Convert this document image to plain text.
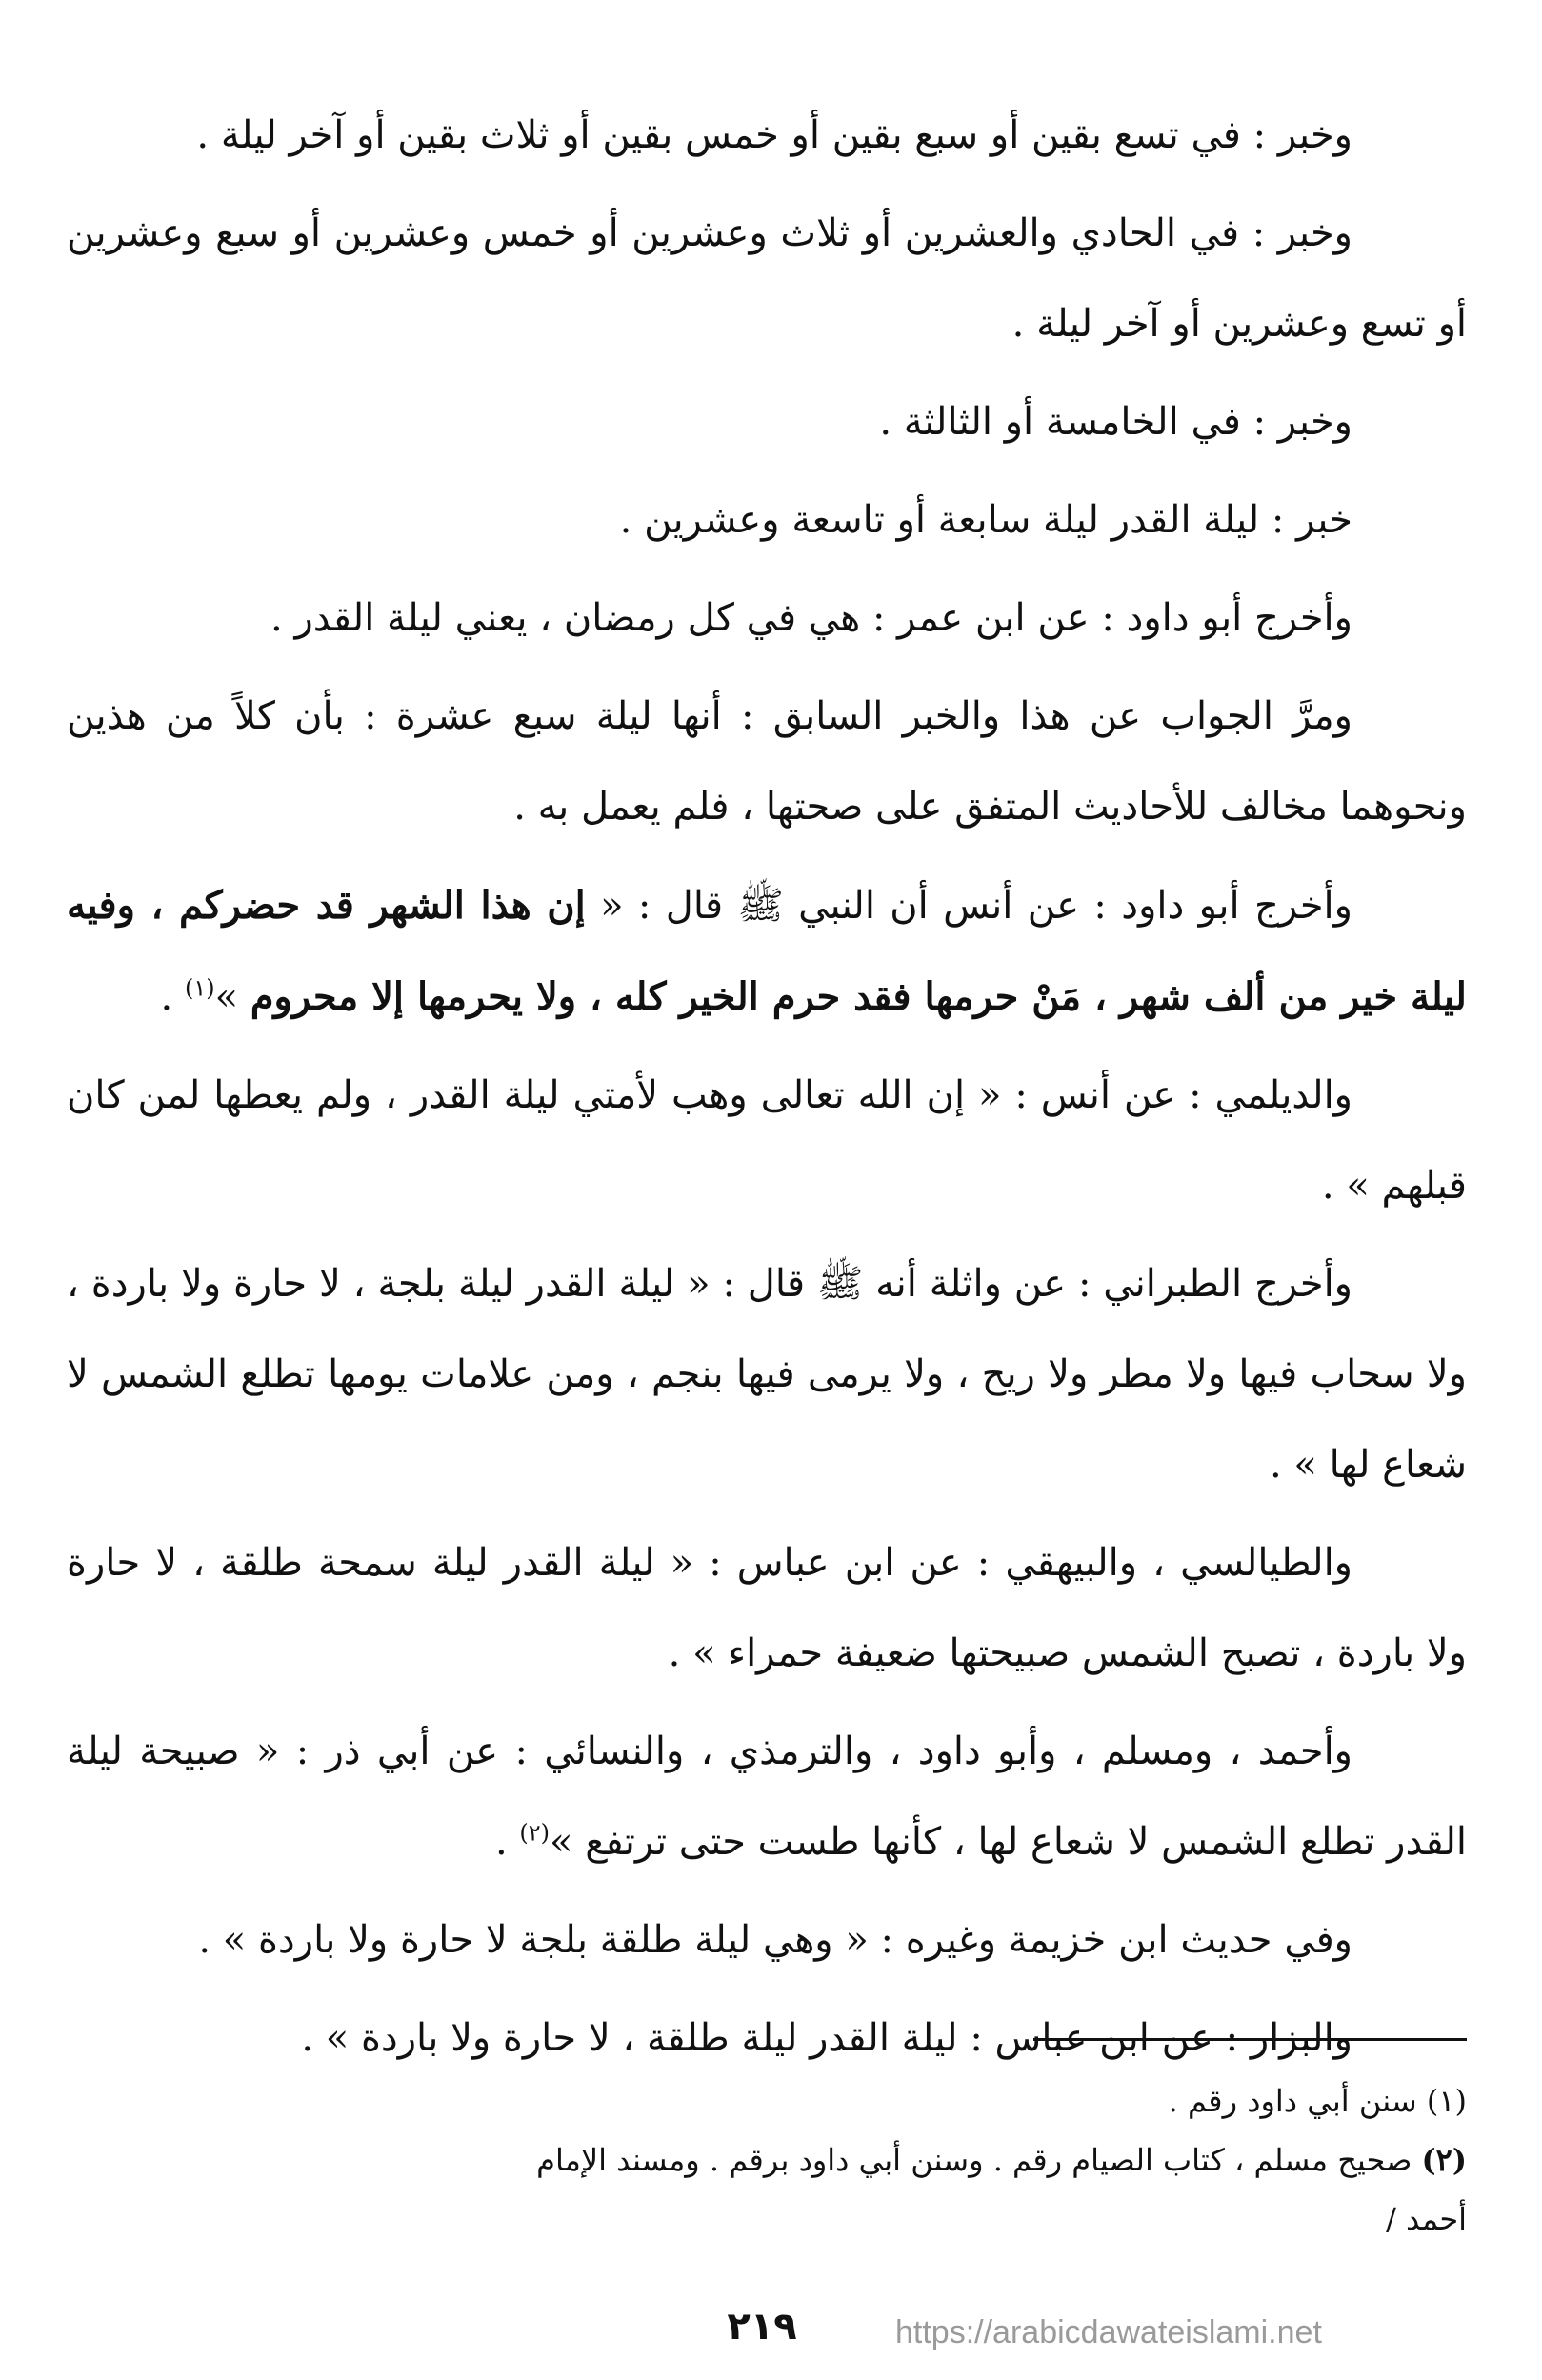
وخبر : في تسع بقين أو سبع بقين أو خمس بقين أو ثلاث بقين أو آخر ليلة .

وخبر : في الحادي والعشرين أو ثلاث وعشرين أو خمس وعشرين أو سبع وعشرين أو تسع وعشرين أو آخر ليلة .

وخبر : في الخامسة أو الثالثة .

خبر : ليلة القدر ليلة سابعة أو تاسعة وعشرين .

وأخرج أبو داود : عن ابن عمر : هي في كل رمضان ، يعني ليلة القدر .

ومرَّ الجواب عن هذا والخبر السابق : أنها ليلة سبع عشرة : بأن كلاً من هذين ونحوهما مخالف للأحاديث المتفق على صحتها ، فلم يعمل به .

وأخرج أبو داود : عن أنس أن النبي ﷺ قال : « إن هذا الشهر قد حضركم ، وفيه ليلة خير من ألف شهر ، مَنْ حرمها فقد حرم الخير كله ، ولا يحرمها إلا محروم »$^{(١)}$ .

والديلمي : عن أنس : « إن الله تعالى وهب لأمتي ليلة القدر ، ولم يعطها لمن كان قبلهم » .

وأخرج الطبراني : عن واثلة أنه ﷺ قال : « ليلة القدر ليلة بلجة ، لا حارة ولا باردة ، ولا سحاب فيها ولا مطر ولا ريح ، ولا يرمى فيها بنجم ، ومن علامات يومها تطلع الشمس لا شعاع لها » .

والطيالسي ، والبيهقي : عن ابن عباس : « ليلة القدر ليلة سمحة طلقة ، لا حارة ولا باردة ، تصبح الشمس صبيحتها ضعيفة حمراء » .

وأحمد ، ومسلم ، وأبو داود ، والترمذي ، والنسائي : عن أبي ذر : « صبيحة ليلة القدر تطلع الشمس لا شعاع لها ، كأنها طست حتى ترتفع »$^{(٢)}$ .

وفي حديث ابن خزيمة وغيره : « وهي ليلة طلقة بلجة لا حارة ولا باردة » .

والبزار : عن ابن عباس : ليلة القدر ليلة طلقة ، لا حارة ولا باردة » .

(١) سنن أبي داود رقم .

(٢) صحيح مسلم ، كتاب الصيام رقم . وسنن أبي داود برقم . ومسند الإمام

أحمد /

٢١٩	https://arabicdawateislami.net
